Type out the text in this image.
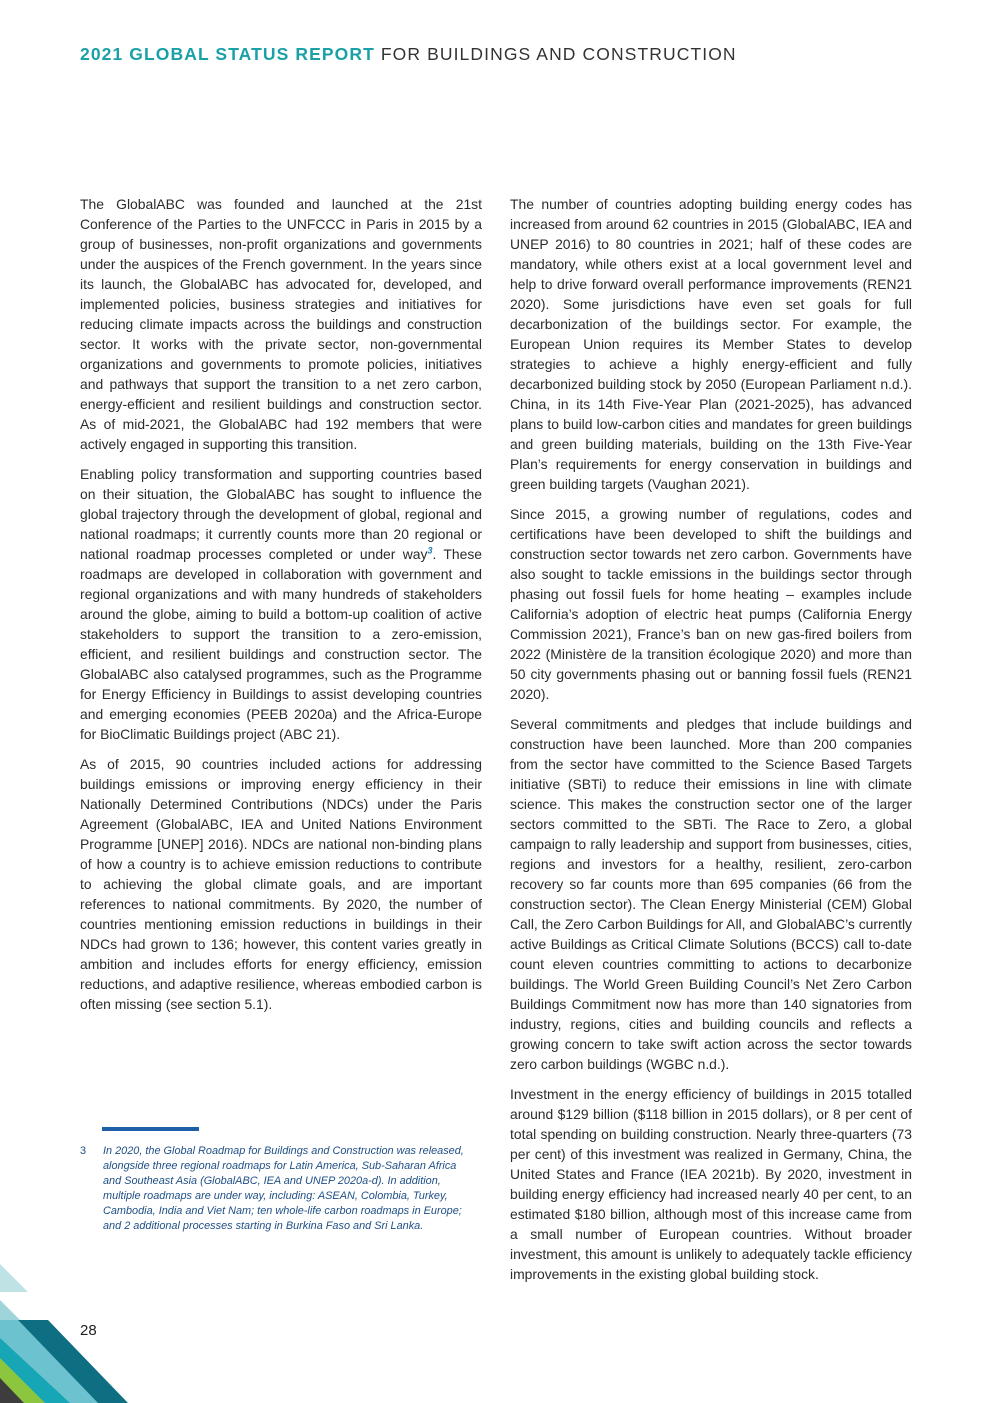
2021 GLOBAL STATUS REPORT FOR BUILDINGS AND CONSTRUCTION

The GlobalABC was founded and launched at the 21st Conference of the Parties to the UNFCCC in Paris in 2015 by a group of businesses, non-profit organizations and governments under the auspices of the French government. In the years since its launch, the GlobalABC has advocated for, developed, and implemented policies, business strategies and initiatives for reducing climate impacts across the buildings and construction sector. It works with the private sector, non-governmental organizations and governments to promote policies, initiatives and pathways that support the transition to a net zero carbon, energy-efficient and resilient buildings and construction sector. As of mid-2021, the GlobalABC had 192 members that were actively engaged in supporting this transition.

Enabling policy transformation and supporting countries based on their situation, the GlobalABC has sought to influence the global trajectory through the development of global, regional and national roadmaps; it currently counts more than 20 regional or national roadmap processes completed or under way$^3$. These roadmaps are developed in collaboration with government and regional organizations and with many hundreds of stakeholders around the globe, aiming to build a bottom-up coalition of active stakeholders to support the transition to a zero-emission, efficient, and resilient buildings and construction sector. The GlobalABC also catalysed programmes, such as the Programme for Energy Efficiency in Buildings to assist developing countries and emerging economies (PEEB 2020a) and the Africa-Europe for BioClimatic Buildings project (ABC 21).

As of 2015, 90 countries included actions for addressing buildings emissions or improving energy efficiency in their Nationally Determined Contributions (NDCs) under the Paris Agreement (GlobalABC, IEA and United Nations Environment Programme [UNEP] 2016). NDCs are national non-binding plans of how a country is to achieve emission reductions to contribute to achieving the global climate goals, and are important references to national commitments. By 2020, the number of countries mentioning emission reductions in buildings in their NDCs had grown to 136; however, this content varies greatly in ambition and includes efforts for energy efficiency, emission reductions, and adaptive resilience, whereas embodied carbon is often missing (see section 5.1).

The number of countries adopting building energy codes has increased from around 62 countries in 2015 (GlobalABC, IEA and UNEP 2016) to 80 countries in 2021; half of these codes are mandatory, while others exist at a local government level and help to drive forward overall performance improvements (REN21 2020). Some jurisdictions have even set goals for full decarbonization of the buildings sector. For example, the European Union requires its Member States to develop strategies to achieve a highly energy-efficient and fully decarbonized building stock by 2050 (European Parliament n.d.). China, in its 14th Five-Year Plan (2021-2025), has advanced plans to build low-carbon cities and mandates for green buildings and green building materials, building on the 13th Five-Year Plan’s requirements for energy conservation in buildings and green building targets (Vaughan 2021).

Since 2015, a growing number of regulations, codes and certifications have been developed to shift the buildings and construction sector towards net zero carbon. Governments have also sought to tackle emissions in the buildings sector through phasing out fossil fuels for home heating – examples include California’s adoption of electric heat pumps (California Energy Commission 2021), France’s ban on new gas-fired boilers from 2022 (Ministère de la transition écologique 2020) and more than 50 city governments phasing out or banning fossil fuels (REN21 2020).

Several commitments and pledges that include buildings and construction have been launched. More than 200 companies from the sector have committed to the Science Based Targets initiative (SBTi) to reduce their emissions in line with climate science. This makes the construction sector one of the larger sectors committed to the SBTi. The Race to Zero, a global campaign to rally leadership and support from businesses, cities, regions and investors for a healthy, resilient, zero-carbon recovery so far counts more than 695 companies (66 from the construction sector). The Clean Energy Ministerial (CEM) Global Call, the Zero Carbon Buildings for All, and GlobalABC’s currently active Buildings as Critical Climate Solutions (BCCS) call to-date count eleven countries committing to actions to decarbonize buildings. The World Green Building Council’s Net Zero Carbon Buildings Commitment now has more than 140 signatories from industry, regions, cities and building councils and reflects a growing concern to take swift action across the sector towards zero carbon buildings (WGBC n.d.).

Investment in the energy efficiency of buildings in 2015 totalled around $129 billion ($118 billion in 2015 dollars), or 8 per cent of total spending on building construction. Nearly three-quarters (73 per cent) of this investment was realized in Germany, China, the United States and France (IEA 2021b). By 2020, investment in building energy efficiency had increased nearly 40 per cent, to an estimated $180 billion, although most of this increase came from a small number of European countries. Without broader investment, this amount is unlikely to adequately tackle efficiency improvements in the existing global building stock.

3 In 2020, the Global Roadmap for Buildings and Construction was released, alongside three regional roadmaps for Latin America, Sub-Saharan Africa and Southeast Asia (GlobalABC, IEA and UNEP 2020a-d). In addition, multiple roadmaps are under way, including: ASEAN, Colombia, Turkey, Cambodia, India and Viet Nam; ten whole-life carbon roadmaps in Europe; and 2 additional processes starting in Burkina Faso and Sri Lanka.
28
